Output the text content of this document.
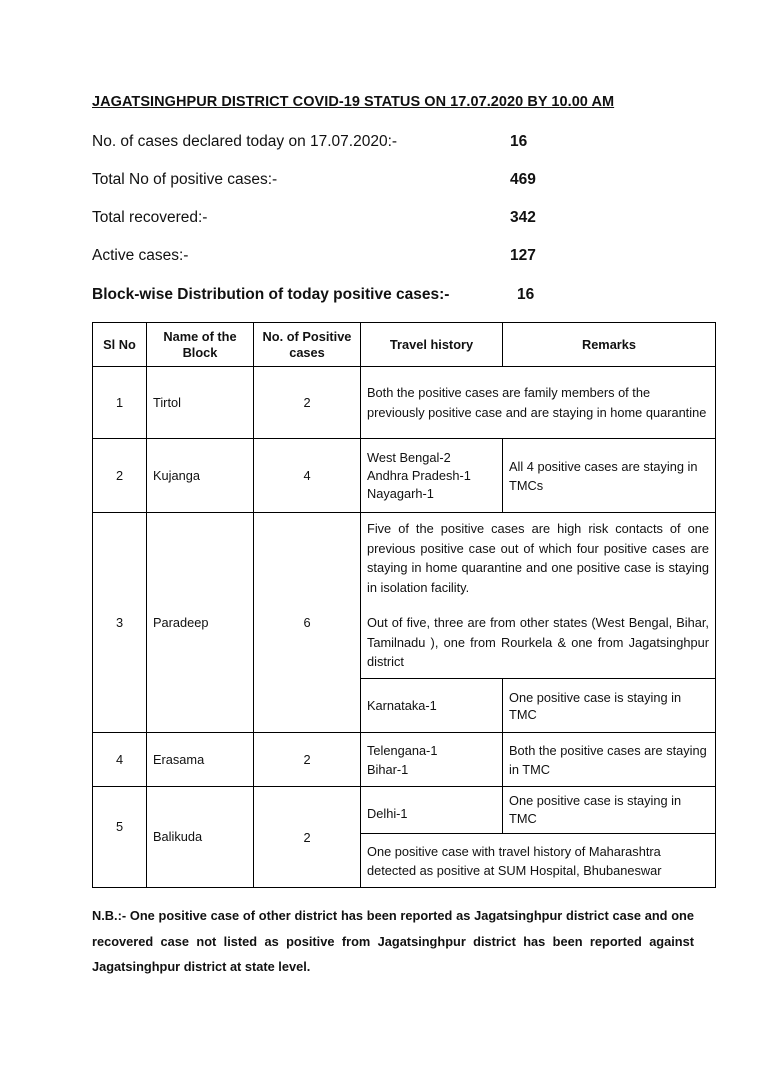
JAGATSINGHPUR DISTRICT COVID-19 STATUS ON 17.07.2020 BY 10.00 AM
No. of cases declared today on 17.07.2020:-	16
Total No of positive cases:-	469
Total recovered:-	342
Active cases:-	127
Block-wise Distribution of today positive cases:-	16
Sl No	Name of the Block	No. of Positive cases	Travel history	Remarks
1	Tirtol	2	Both the positive cases are family members of the previously positive case and are staying in home quarantine	
2	Kujanga	4	West Bengal-2
Andhra Pradesh-1
Nayagarh-1	All 4 positive cases are staying in TMCs
3	Paradeep	6	Five of the positive cases are high risk contacts of one previous positive case out of which four positive cases are staying in home quarantine and one positive case is staying in isolation facility.
Out of five, three are from other states (West Bengal, Bihar, Tamilnadu ), one from Rourkela & one from Jagatsinghpur district	

			Karnataka-1	One positive case is staying in TMC
4	Erasama	2	Telengana-1
Bihar-1	Both the positive cases are staying in TMC
5	Balikuda	2	Delhi-1	One positive case is staying in TMC
			One positive case with travel history of Maharashtra detected as positive at SUM Hospital, Bhubaneswar	
N.B.:- One positive case of other district has been reported as Jagatsinghpur district case and one recovered case not listed as positive from Jagatsinghpur district has been reported against Jagatsinghpur district at state level.
